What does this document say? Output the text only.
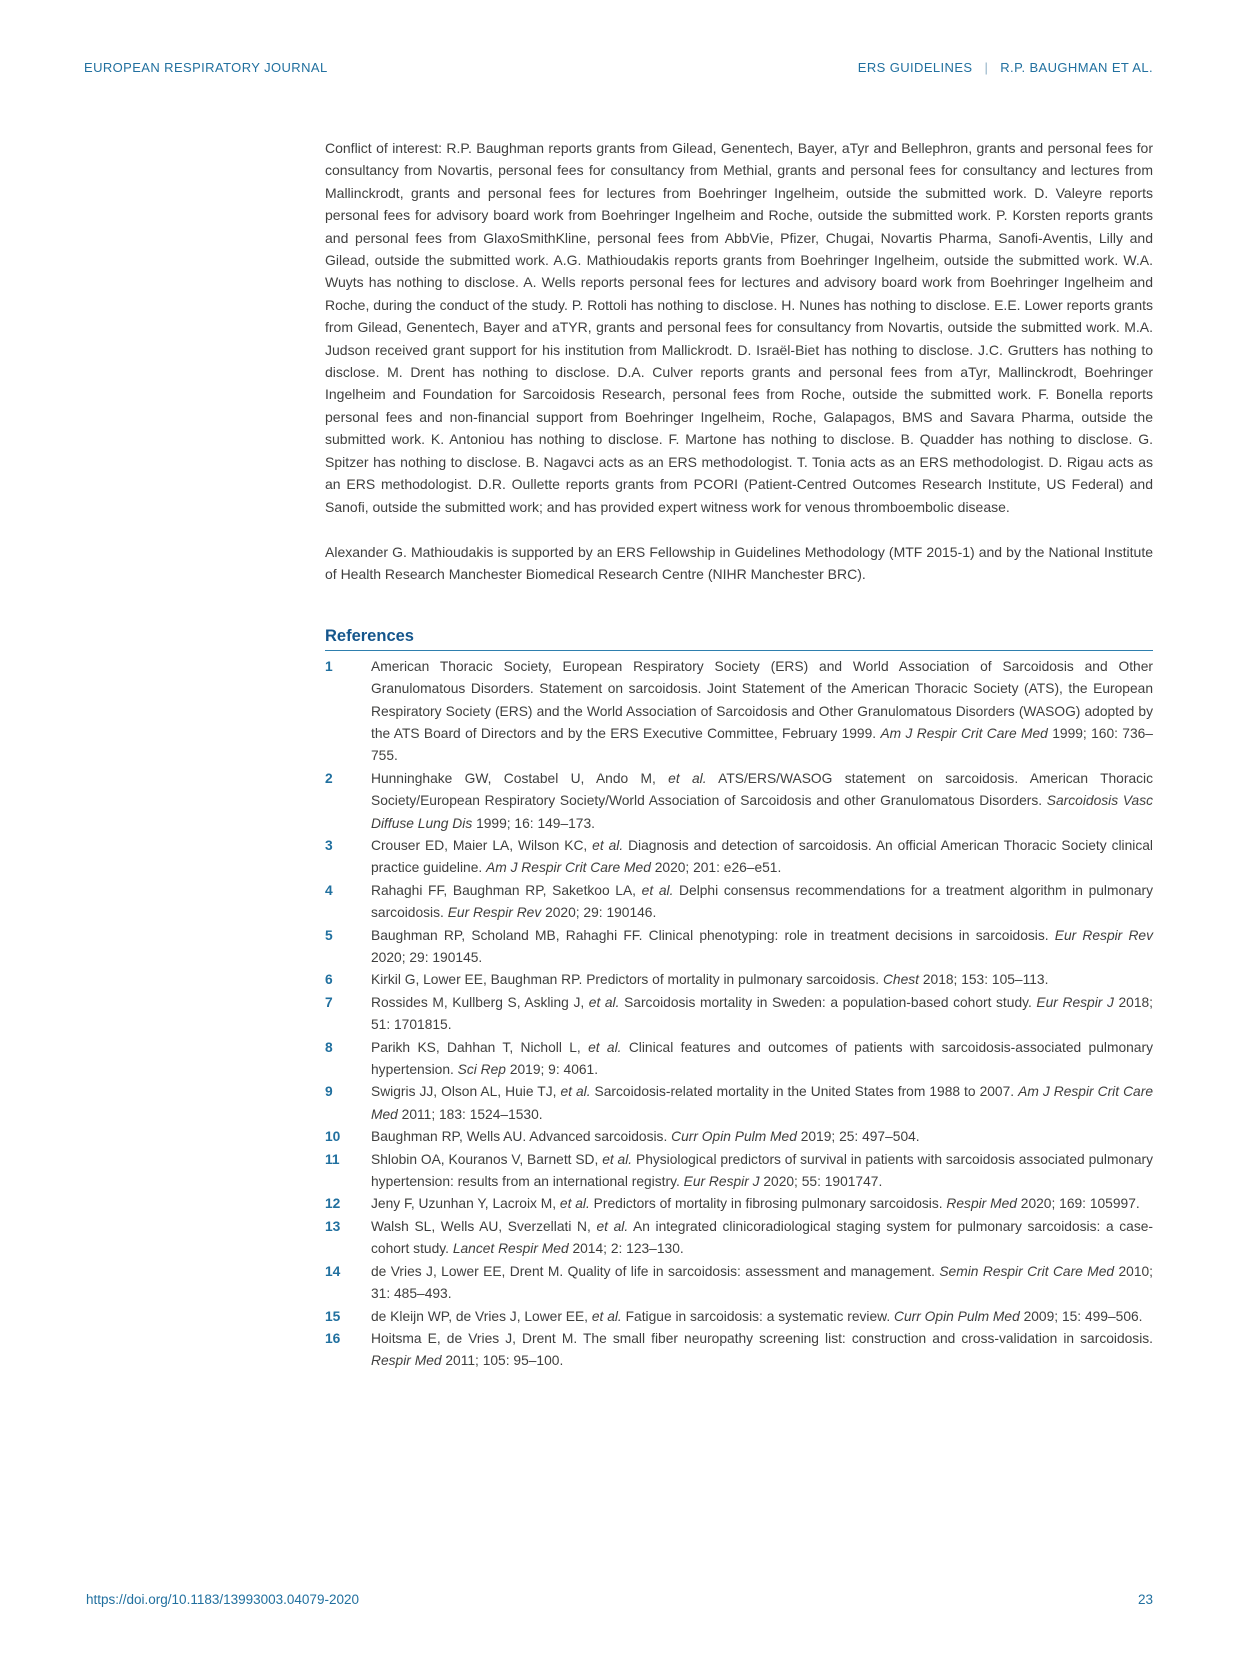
EUROPEAN RESPIRATORY JOURNAL	ERS GUIDELINES | R.P. BAUGHMAN ET AL.

Conflict of interest: R.P. Baughman reports grants from Gilead, Genentech, Bayer, aTyr and Bellephron, grants and personal fees for consultancy from Novartis, personal fees for consultancy from Methial, grants and personal fees for consultancy and lectures from Mallinckrodt, grants and personal fees for lectures from Boehringer Ingelheim, outside the submitted work. D. Valeyre reports personal fees for advisory board work from Boehringer Ingelheim and Roche, outside the submitted work. P. Korsten reports grants and personal fees from GlaxoSmithKline, personal fees from AbbVie, Pfizer, Chugai, Novartis Pharma, Sanofi-Aventis, Lilly and Gilead, outside the submitted work. A.G. Mathioudakis reports grants from Boehringer Ingelheim, outside the submitted work. W.A. Wuyts has nothing to disclose. A. Wells reports personal fees for lectures and advisory board work from Boehringer Ingelheim and Roche, during the conduct of the study. P. Rottoli has nothing to disclose. H. Nunes has nothing to disclose. E.E. Lower reports grants from Gilead, Genentech, Bayer and aTYR, grants and personal fees for consultancy from Novartis, outside the submitted work. M.A. Judson received grant support for his institution from Mallickrodt. D. Israël-Biet has nothing to disclose. J.C. Grutters has nothing to disclose. M. Drent has nothing to disclose. D.A. Culver reports grants and personal fees from aTyr, Mallinckrodt, Boehringer Ingelheim and Foundation for Sarcoidosis Research, personal fees from Roche, outside the submitted work. F. Bonella reports personal fees and non-financial support from Boehringer Ingelheim, Roche, Galapagos, BMS and Savara Pharma, outside the submitted work. K. Antoniou has nothing to disclose. F. Martone has nothing to disclose. B. Quadder has nothing to disclose. G. Spitzer has nothing to disclose. B. Nagavci acts as an ERS methodologist. T. Tonia acts as an ERS methodologist. D. Rigau acts as an ERS methodologist. D.R. Oullette reports grants from PCORI (Patient-Centred Outcomes Research Institute, US Federal) and Sanofi, outside the submitted work; and has provided expert witness work for venous thromboembolic disease.

Alexander G. Mathioudakis is supported by an ERS Fellowship in Guidelines Methodology (MTF 2015-1) and by the National Institute of Health Research Manchester Biomedical Research Centre (NIHR Manchester BRC).

References
1	American Thoracic Society, European Respiratory Society (ERS) and World Association of Sarcoidosis and Other Granulomatous Disorders. Statement on sarcoidosis. Joint Statement of the American Thoracic Society (ATS), the European Respiratory Society (ERS) and the World Association of Sarcoidosis and Other Granulomatous Disorders (WASOG) adopted by the ATS Board of Directors and by the ERS Executive Committee, February 1999. Am J Respir Crit Care Med 1999; 160: 736–755.
2	Hunninghake GW, Costabel U, Ando M, et al. ATS/ERS/WASOG statement on sarcoidosis. American Thoracic Society/European Respiratory Society/World Association of Sarcoidosis and other Granulomatous Disorders. Sarcoidosis Vasc Diffuse Lung Dis 1999; 16: 149–173.
3	Crouser ED, Maier LA, Wilson KC, et al. Diagnosis and detection of sarcoidosis. An official American Thoracic Society clinical practice guideline. Am J Respir Crit Care Med 2020; 201: e26–e51.
4	Rahaghi FF, Baughman RP, Saketkoo LA, et al. Delphi consensus recommendations for a treatment algorithm in pulmonary sarcoidosis. Eur Respir Rev 2020; 29: 190146.
5	Baughman RP, Scholand MB, Rahaghi FF. Clinical phenotyping: role in treatment decisions in sarcoidosis. Eur Respir Rev 2020; 29: 190145.
6	Kirkil G, Lower EE, Baughman RP. Predictors of mortality in pulmonary sarcoidosis. Chest 2018; 153: 105–113.
7	Rossides M, Kullberg S, Askling J, et al. Sarcoidosis mortality in Sweden: a population-based cohort study. Eur Respir J 2018; 51: 1701815.
8	Parikh KS, Dahhan T, Nicholl L, et al. Clinical features and outcomes of patients with sarcoidosis-associated pulmonary hypertension. Sci Rep 2019; 9: 4061.
9	Swigris JJ, Olson AL, Huie TJ, et al. Sarcoidosis-related mortality in the United States from 1988 to 2007. Am J Respir Crit Care Med 2011; 183: 1524–1530.
10	Baughman RP, Wells AU. Advanced sarcoidosis. Curr Opin Pulm Med 2019; 25: 497–504.
11	Shlobin OA, Kouranos V, Barnett SD, et al. Physiological predictors of survival in patients with sarcoidosis associated pulmonary hypertension: results from an international registry. Eur Respir J 2020; 55: 1901747.
12	Jeny F, Uzunhan Y, Lacroix M, et al. Predictors of mortality in fibrosing pulmonary sarcoidosis. Respir Med 2020; 169: 105997.
13	Walsh SL, Wells AU, Sverzellati N, et al. An integrated clinicoradiological staging system for pulmonary sarcoidosis: a case-cohort study. Lancet Respir Med 2014; 2: 123–130.
14	de Vries J, Lower EE, Drent M. Quality of life in sarcoidosis: assessment and management. Semin Respir Crit Care Med 2010; 31: 485–493.
15	de Kleijn WP, de Vries J, Lower EE, et al. Fatigue in sarcoidosis: a systematic review. Curr Opin Pulm Med 2009; 15: 499–506.
16	Hoitsma E, de Vries J, Drent M. The small fiber neuropathy screening list: construction and cross-validation in sarcoidosis. Respir Med 2011; 105: 95–100.
https://doi.org/10.1183/13993003.04079-2020	23
